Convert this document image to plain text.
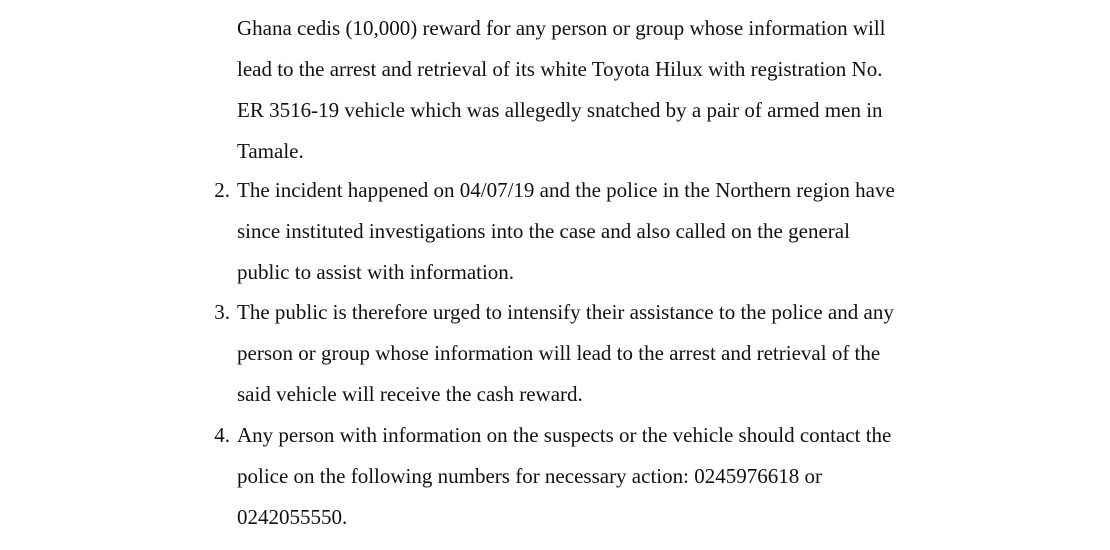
Ghana cedis (10,000) reward for any person or group whose information will
lead to the arrest and retrieval of its white Toyota Hilux with registration No.
ER 3516-19 vehicle which was allegedly snatched by a pair of armed men in
Tamale.
2. The incident happened on 04/07/19 and the police in the Northern region have
since instituted investigations into the case and also called on the general
public to assist with information.
3. The public is therefore urged to intensify their assistance to the police and any
person or group whose information will lead to the arrest and retrieval of the
said vehicle will receive the cash reward.
4. Any person with information on the suspects or the vehicle should contact the
police on the following numbers for necessary action: 0245976618 or
0242055550.
